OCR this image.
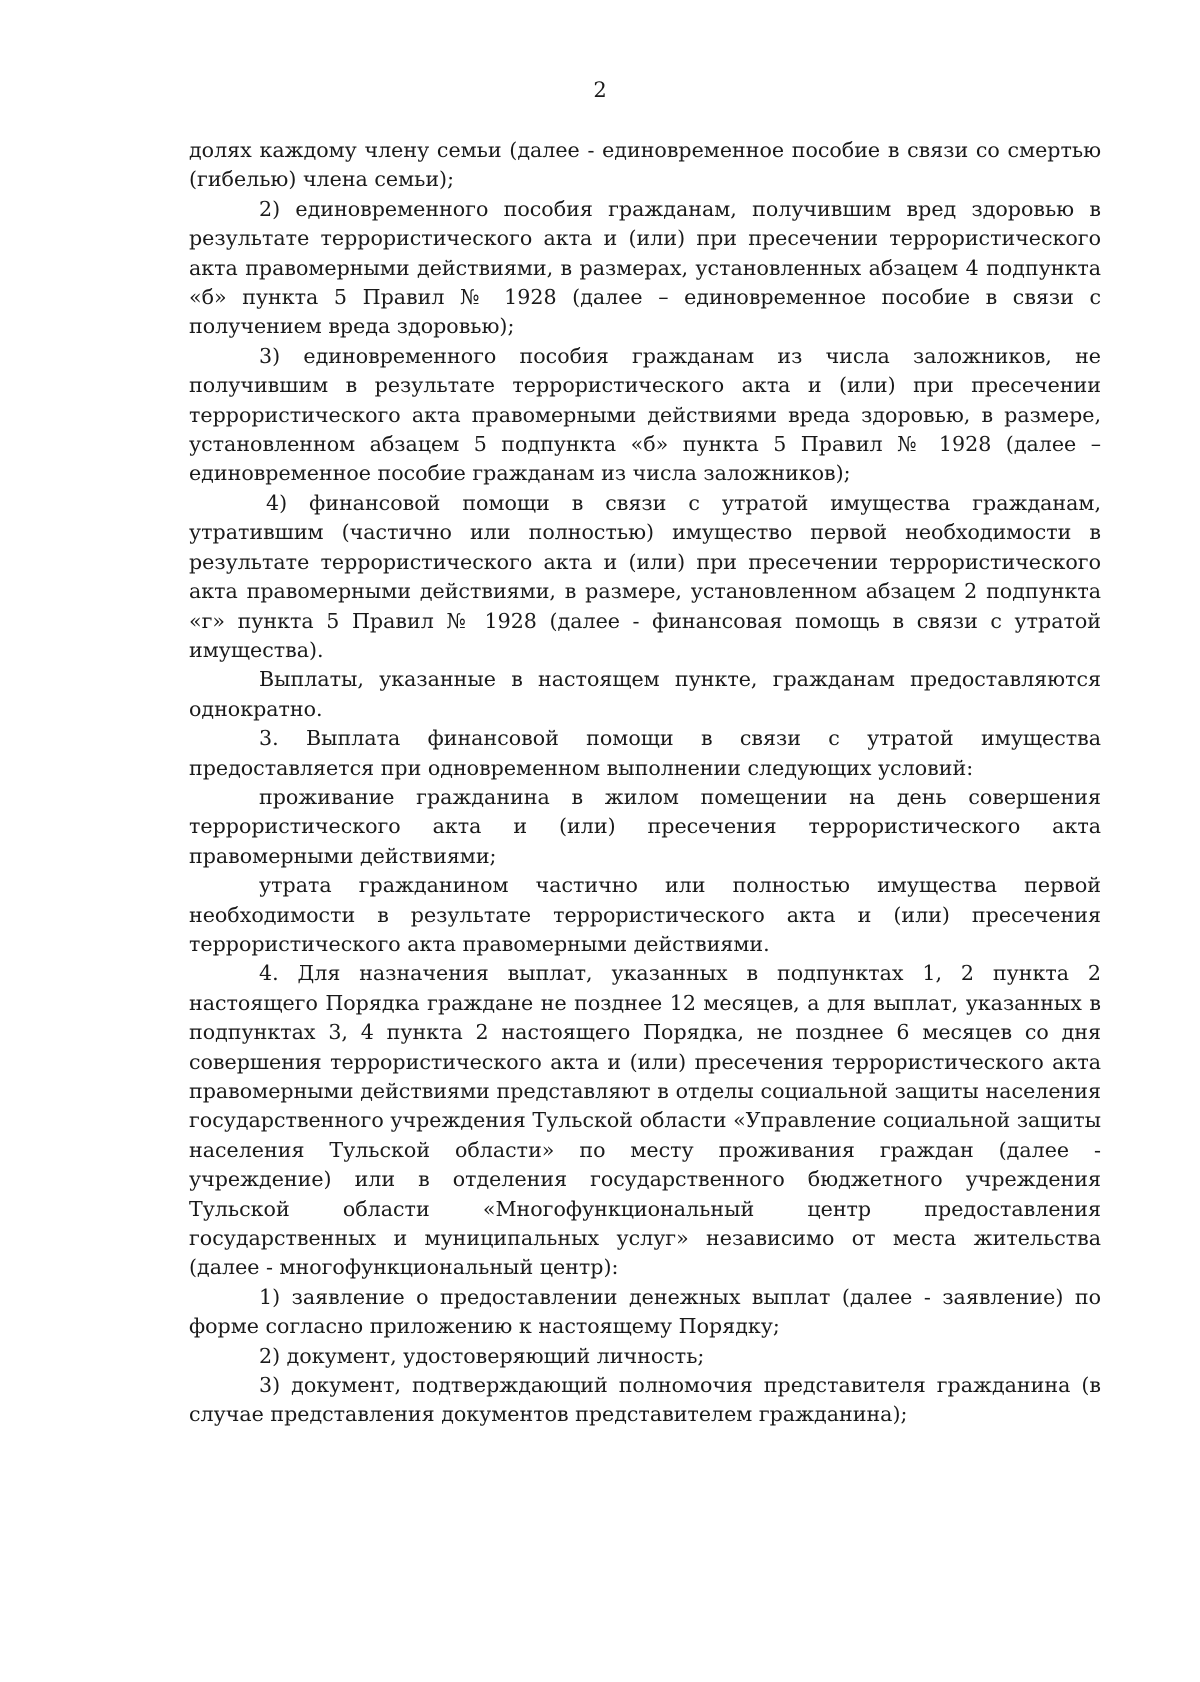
2

долях каждому члену семьи (далее - единовременное пособие в связи со смертью (гибелью) члена семьи);

2) единовременного пособия гражданам, получившим вред здоровью в результате террористического акта и (или) при пресечении террористического акта правомерными действиями, в размерах, установленных абзацем 4 подпункта «б» пункта 5 Правил № 1928 (далее – единовременное пособие в связи с получением вреда здоровью);

3) единовременного пособия гражданам из числа заложников, не получившим в результате террористического акта и (или) при пресечении террористического акта правомерными действиями вреда здоровью, в размере, установленном абзацем 5 подпункта «б» пункта 5 Правил № 1928 (далее – единовременное пособие гражданам из числа заложников);

4) финансовой помощи в связи с утратой имущества гражданам, утратившим (частично или полностью) имущество первой необходимости в результате террористического акта и (или) при пресечении террористического акта правомерными действиями, в размере, установленном абзацем 2 подпункта «г» пункта 5 Правил № 1928 (далее - финансовая помощь в связи с утратой имущества).

Выплаты, указанные в настоящем пункте, гражданам предоставляются однократно.

3. Выплата финансовой помощи в связи с утратой имущества предоставляется при одновременном выполнении следующих условий:

проживание гражданина в жилом помещении на день совершения террористического акта и (или) пресечения террористического акта правомерными действиями;

утрата гражданином частично или полностью имущества первой необходимости в результате террористического акта и (или) пресечения террористического акта правомерными действиями.

4. Для назначения выплат, указанных в подпунктах 1, 2 пункта 2 настоящего Порядка граждане не позднее 12 месяцев, а для выплат, указанных в подпунктах 3, 4 пункта 2 настоящего Порядка, не позднее 6 месяцев со дня совершения террористического акта и (или) пресечения террористического акта правомерными действиями представляют в отделы социальной защиты населения государственного учреждения Тульской области «Управление социальной защиты населения Тульской области» по месту проживания граждан (далее - учреждение) или в отделения государственного бюджетного учреждения Тульской области «Многофункциональный центр предоставления государственных и муниципальных услуг» независимо от места жительства (далее - многофункциональный центр):

1) заявление о предоставлении денежных выплат (далее - заявление) по форме согласно приложению к настоящему Порядку;

2) документ, удостоверяющий личность;

3) документ, подтверждающий полномочия представителя гражданина (в случае представления документов представителем гражданина);
